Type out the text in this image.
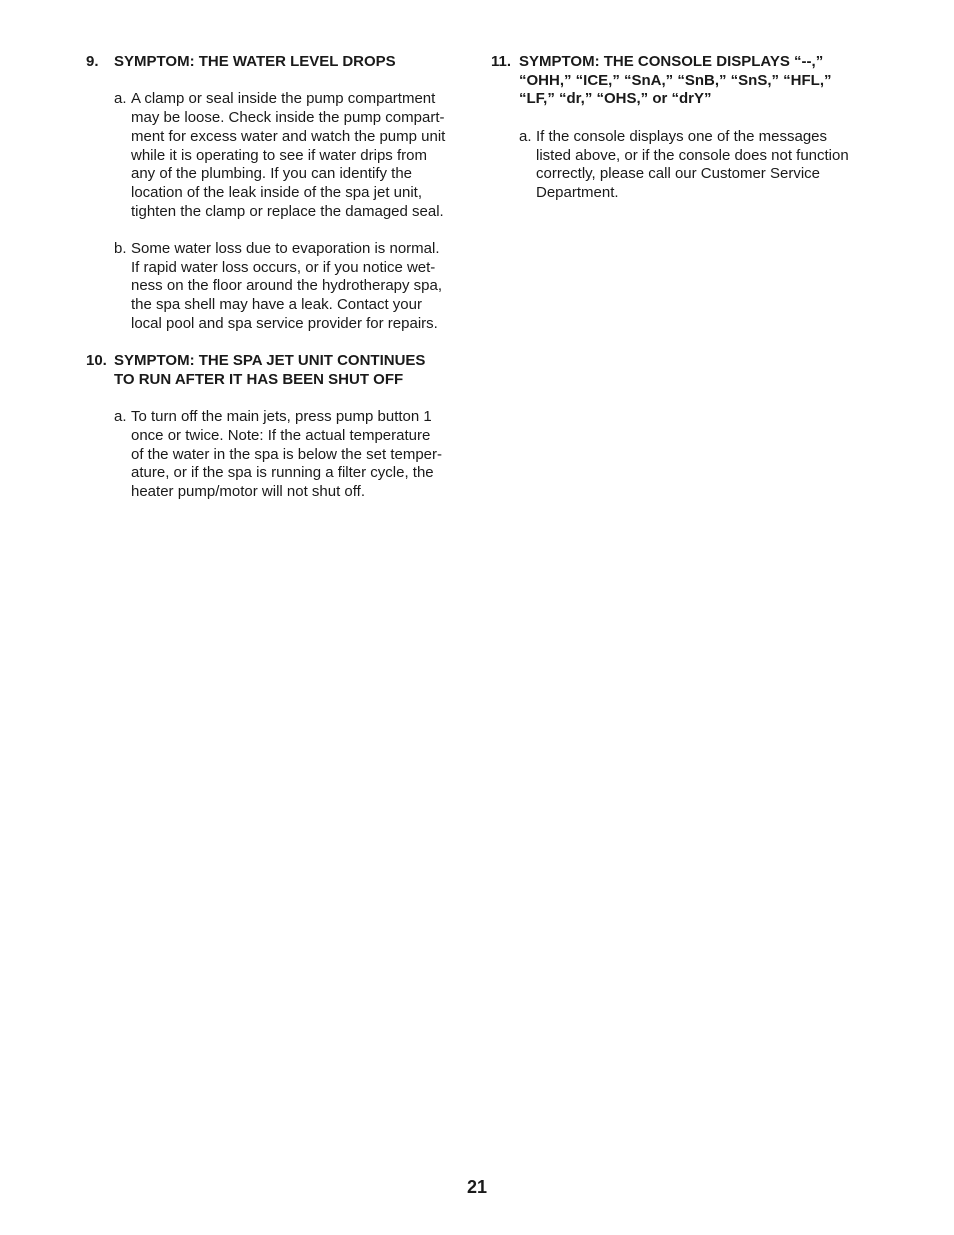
9.	SYMPTOM: THE WATER LEVEL DROPS
a. A clamp or seal inside the pump compartment
may be loose. Check inside the pump compart-
ment for excess water and watch the pump unit
while it is operating to see if water drips from
any of the plumbing. If you can identify the
location of the leak inside of the spa jet unit,
tighten the clamp or replace the damaged seal.
b. Some water loss due to evaporation is normal.
If rapid water loss occurs, or if you notice wet-
ness on the floor around the hydrotherapy spa,
the spa shell may have a leak. Contact your
local pool and spa service provider for repairs.
10. SYMPTOM: THE SPA JET UNIT CONTINUES
TO RUN AFTER IT HAS BEEN SHUT OFF
a. To turn off the main jets, press pump button 1
once or twice. Note: If the actual temperature
of the water in the spa is below the set temper-
ature, or if the spa is running a filter cycle, the
heater pump/motor will not shut off.
11. SYMPTOM: THE CONSOLE DISPLAYS “--,”
“OHH,” “ICE,” “SnA,” “SnB,” “SnS,” “HFL,”
“LF,” “dr,” “OHS,” or “drY”
a. If the console displays one of the messages
listed above, or if the console does not function
correctly, please call our Customer Service
Department.
21
